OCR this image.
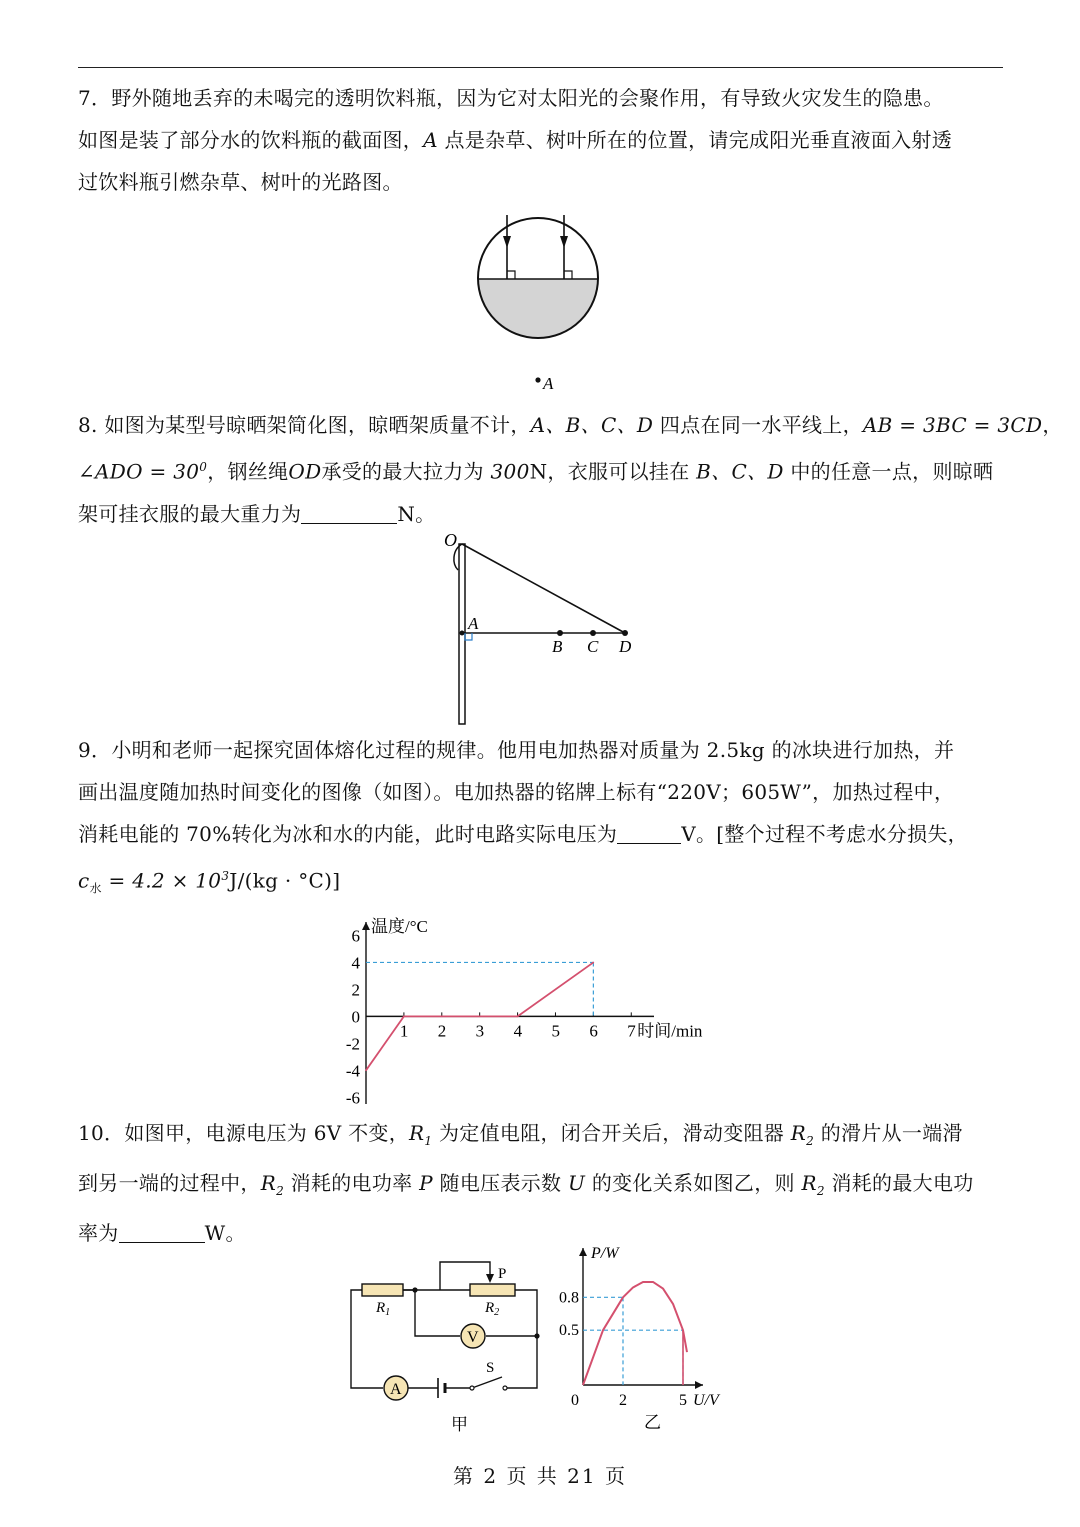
7．野外随地丢弃的未喝完的透明饮料瓶，因为它对太阳光的会聚作用，有导致火灾发生的隐患。

如图是装了部分水的饮料瓶的截面图，A 点是杂草、树叶所在的位置，请完成阳光垂直液面入射透

过饮料瓶引燃杂草、树叶的光路图。

A

8. 如图为某型号晾晒架简化图，晾晒架质量不计，A、B、C、D 四点在同一水平线上，AB = 3BC = 3CD，

∠ADO = $30^0$，钢丝绳OD承受的最大拉力为 300N，衣服可以挂在 B、C、D 中的任意一点，则晾晒

架可挂衣服的最大重力为	N。

O
A
B C D

9．小明和老师一起探究固体熔化过程的规律。他用电加热器对质量为 2.5kg 的冰块进行加热，并

画出温度随加热时间变化的图像（如图）。电加热器的铭牌上标有“220V；605W”，加热过程中，

消耗电能的 70%转化为冰和水的内能，此时电路实际电压为	V。[整个过程不考虑水分损失，

$c_水 = 4.2 \times 10^3J/(kg \cdot ^\circ C)$]

温度/°C
6
4
2
0
-2
-4
-6
1 2 3 4 5 6 7 时间/min

10．如图甲，电源电压为 6V 不变，$R_1$ 为定值电阻，闭合开关后，滑动变阻器 $R_2$ 的滑片从一端滑

到另一端的过程中，$R_2$ 消耗的电功率 P 随电压表示数 U 的变化关系如图乙，则 $R_2$ 消耗的最大电功

率为	W。

V
A
P
$R_1$	$R_2$
S
甲
P/W
U/V
0.8
0.5
0	2	5
乙
第 2 页 共 21 页
